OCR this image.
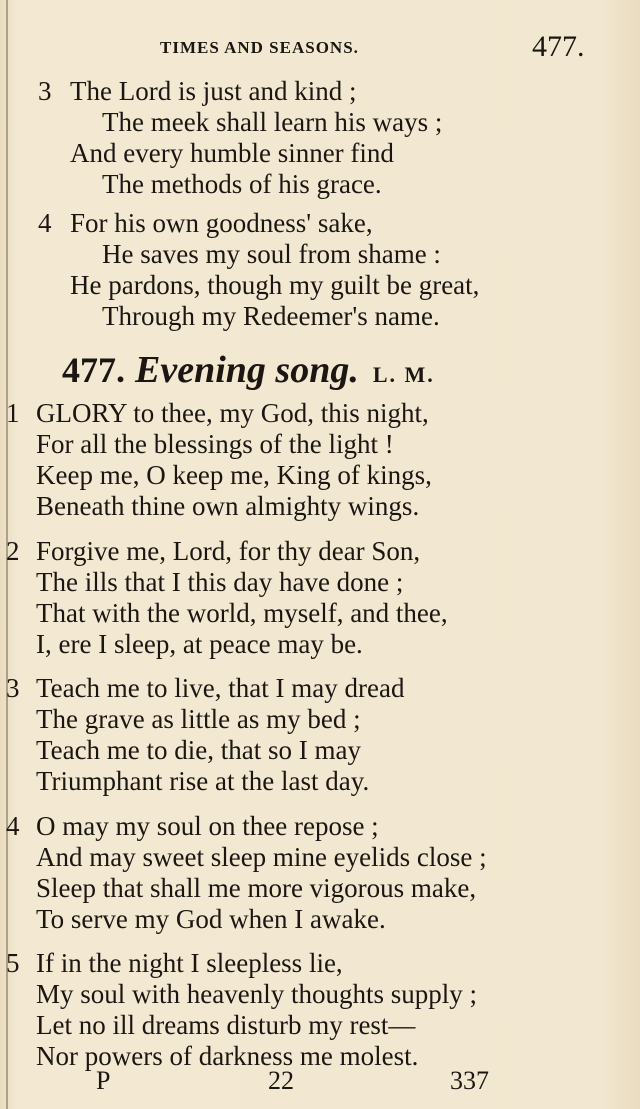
TIMES AND SEASONS.	477.
3 The Lord is just and kind ;
The meek shall learn his ways ;
And every humble sinner find
The methods of his grace.
4 For his own goodness' sake,
He saves my soul from shame :
He pardons, though my guilt be great,
Through my Redeemer's name.
477. Evening song. L. M.
1 GLORY to thee, my God, this night,
For all the blessings of the light !
Keep me, O keep me, King of kings,
Beneath thine own almighty wings.
2 Forgive me, Lord, for thy dear Son,
The ills that I this day have done ;
That with the world, myself, and thee,
I, ere I sleep, at peace may be.
3 Teach me to live, that I may dread
The grave as little as my bed ;
Teach me to die, that so I may
Triumphant rise at the last day.
4 O may my soul on thee repose ;
And may sweet sleep mine eyelids close ;
Sleep that shall me more vigorous make,
To serve my God when I awake.
5 If in the night I sleepless lie,
My soul with heavenly thoughts supply ;
Let no ill dreams disturb my rest—
Nor powers of darkness me molest.
P	22	337
